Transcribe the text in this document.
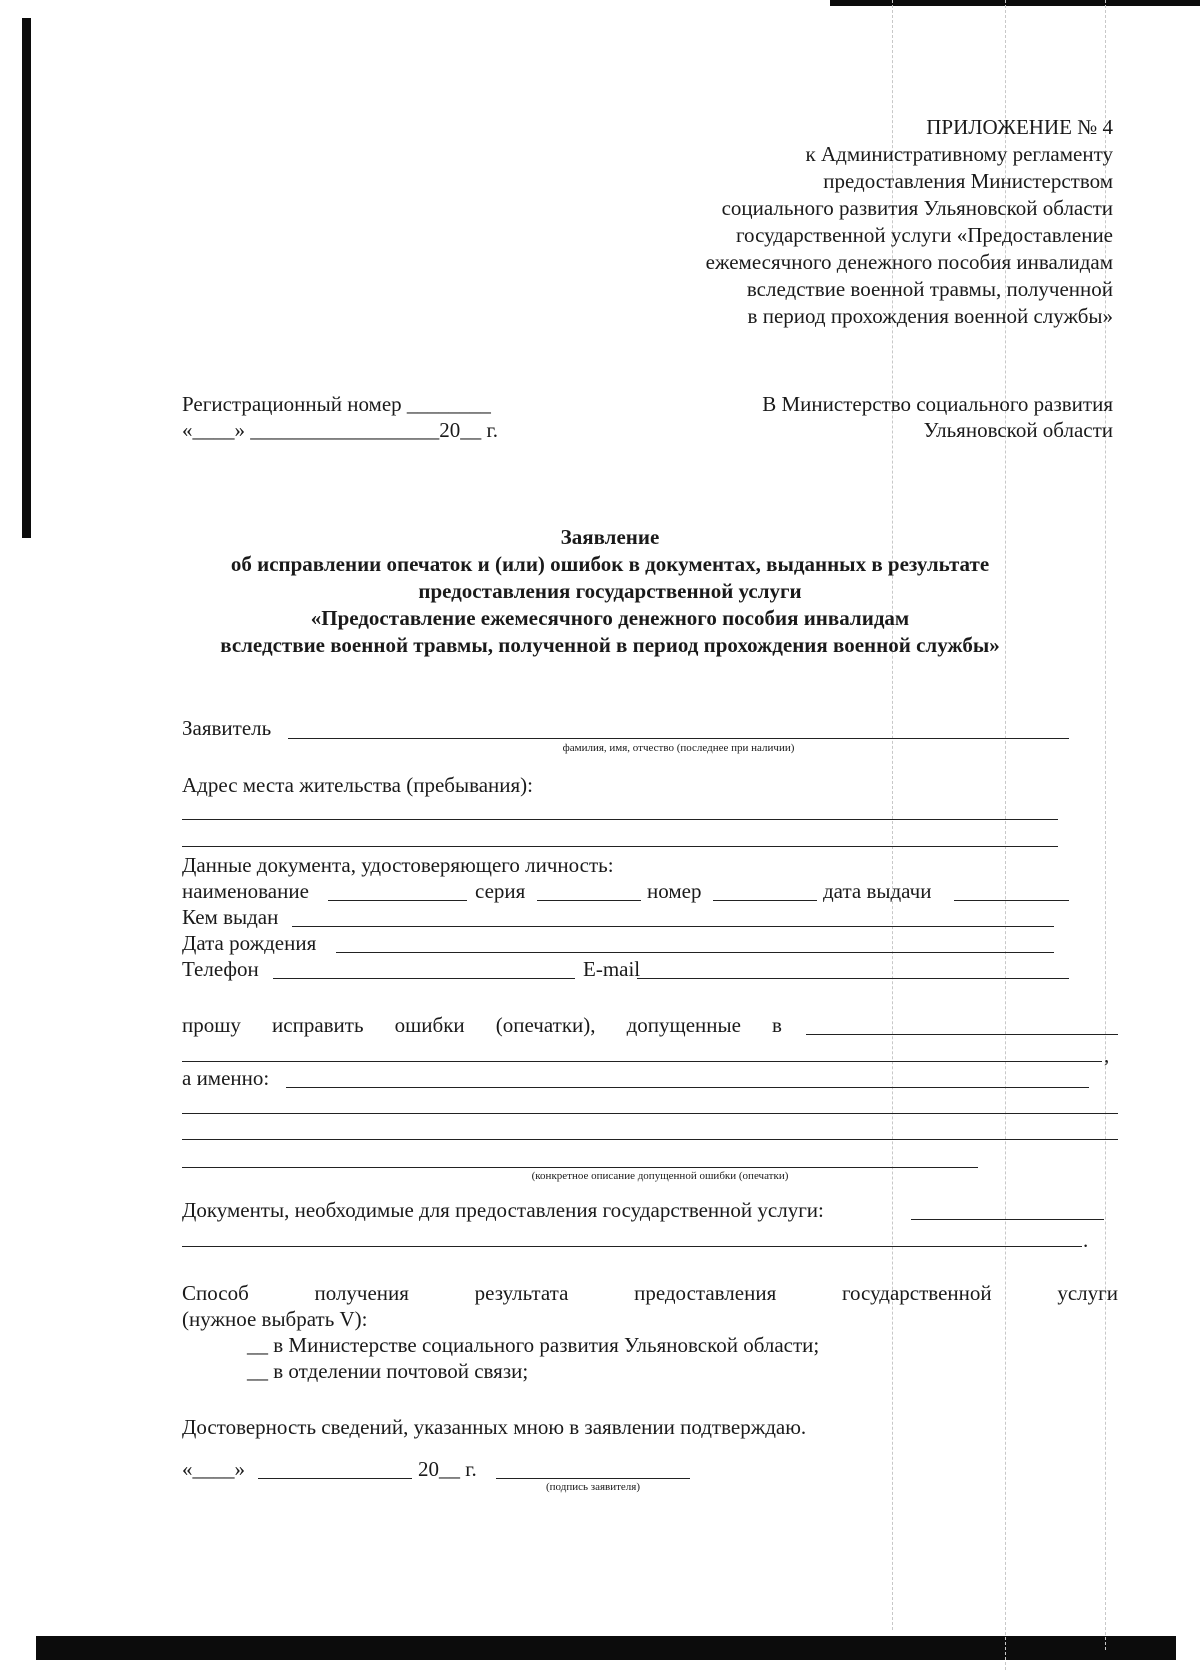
ПРИЛОЖЕНИЕ № 4
к Административному регламенту
предоставления Министерством
социального развития Ульяновской области
государственной услуги «Предоставление
ежемесячного денежного пособия инвалидам
вследствие военной травмы, полученной
в период прохождения военной службы»
Регистрационный номер ________
«____» __________________20__ г.
В Министерство социального развития
Ульяновской области
Заявление
об исправлении опечаток и (или) ошибок в документах, выданных в результате
предоставления государственной услуги
«Предоставление ежемесячного денежного пособия инвалидам
вследствие военной травмы, полученной в период прохождения военной службы»
Заявитель
фамилия, имя, отчество (последнее при наличии)
Адрес места жительства (пребывания):
Данные документа, удостоверяющего личность:
наименование	серия	номер	дата выдачи
Кем выдан
Дата рождения
Телефон	E-mail
прошу исправить ошибки (опечатки), допущенные в
,
а именно:
(конкретное описание допущенной ошибки (опечатки)
Документы, необходимые для предоставления государственной услуги:
.
Способ	получения	результата	предоставления	государственной	услуги
(нужное выбрать V):
__ в Министерстве социального развития Ульяновской области;
__ в отделении почтовой связи;
Достоверность сведений, указанных мною в заявлении подтверждаю.
«____»	20__ г.
(подпись заявителя)
